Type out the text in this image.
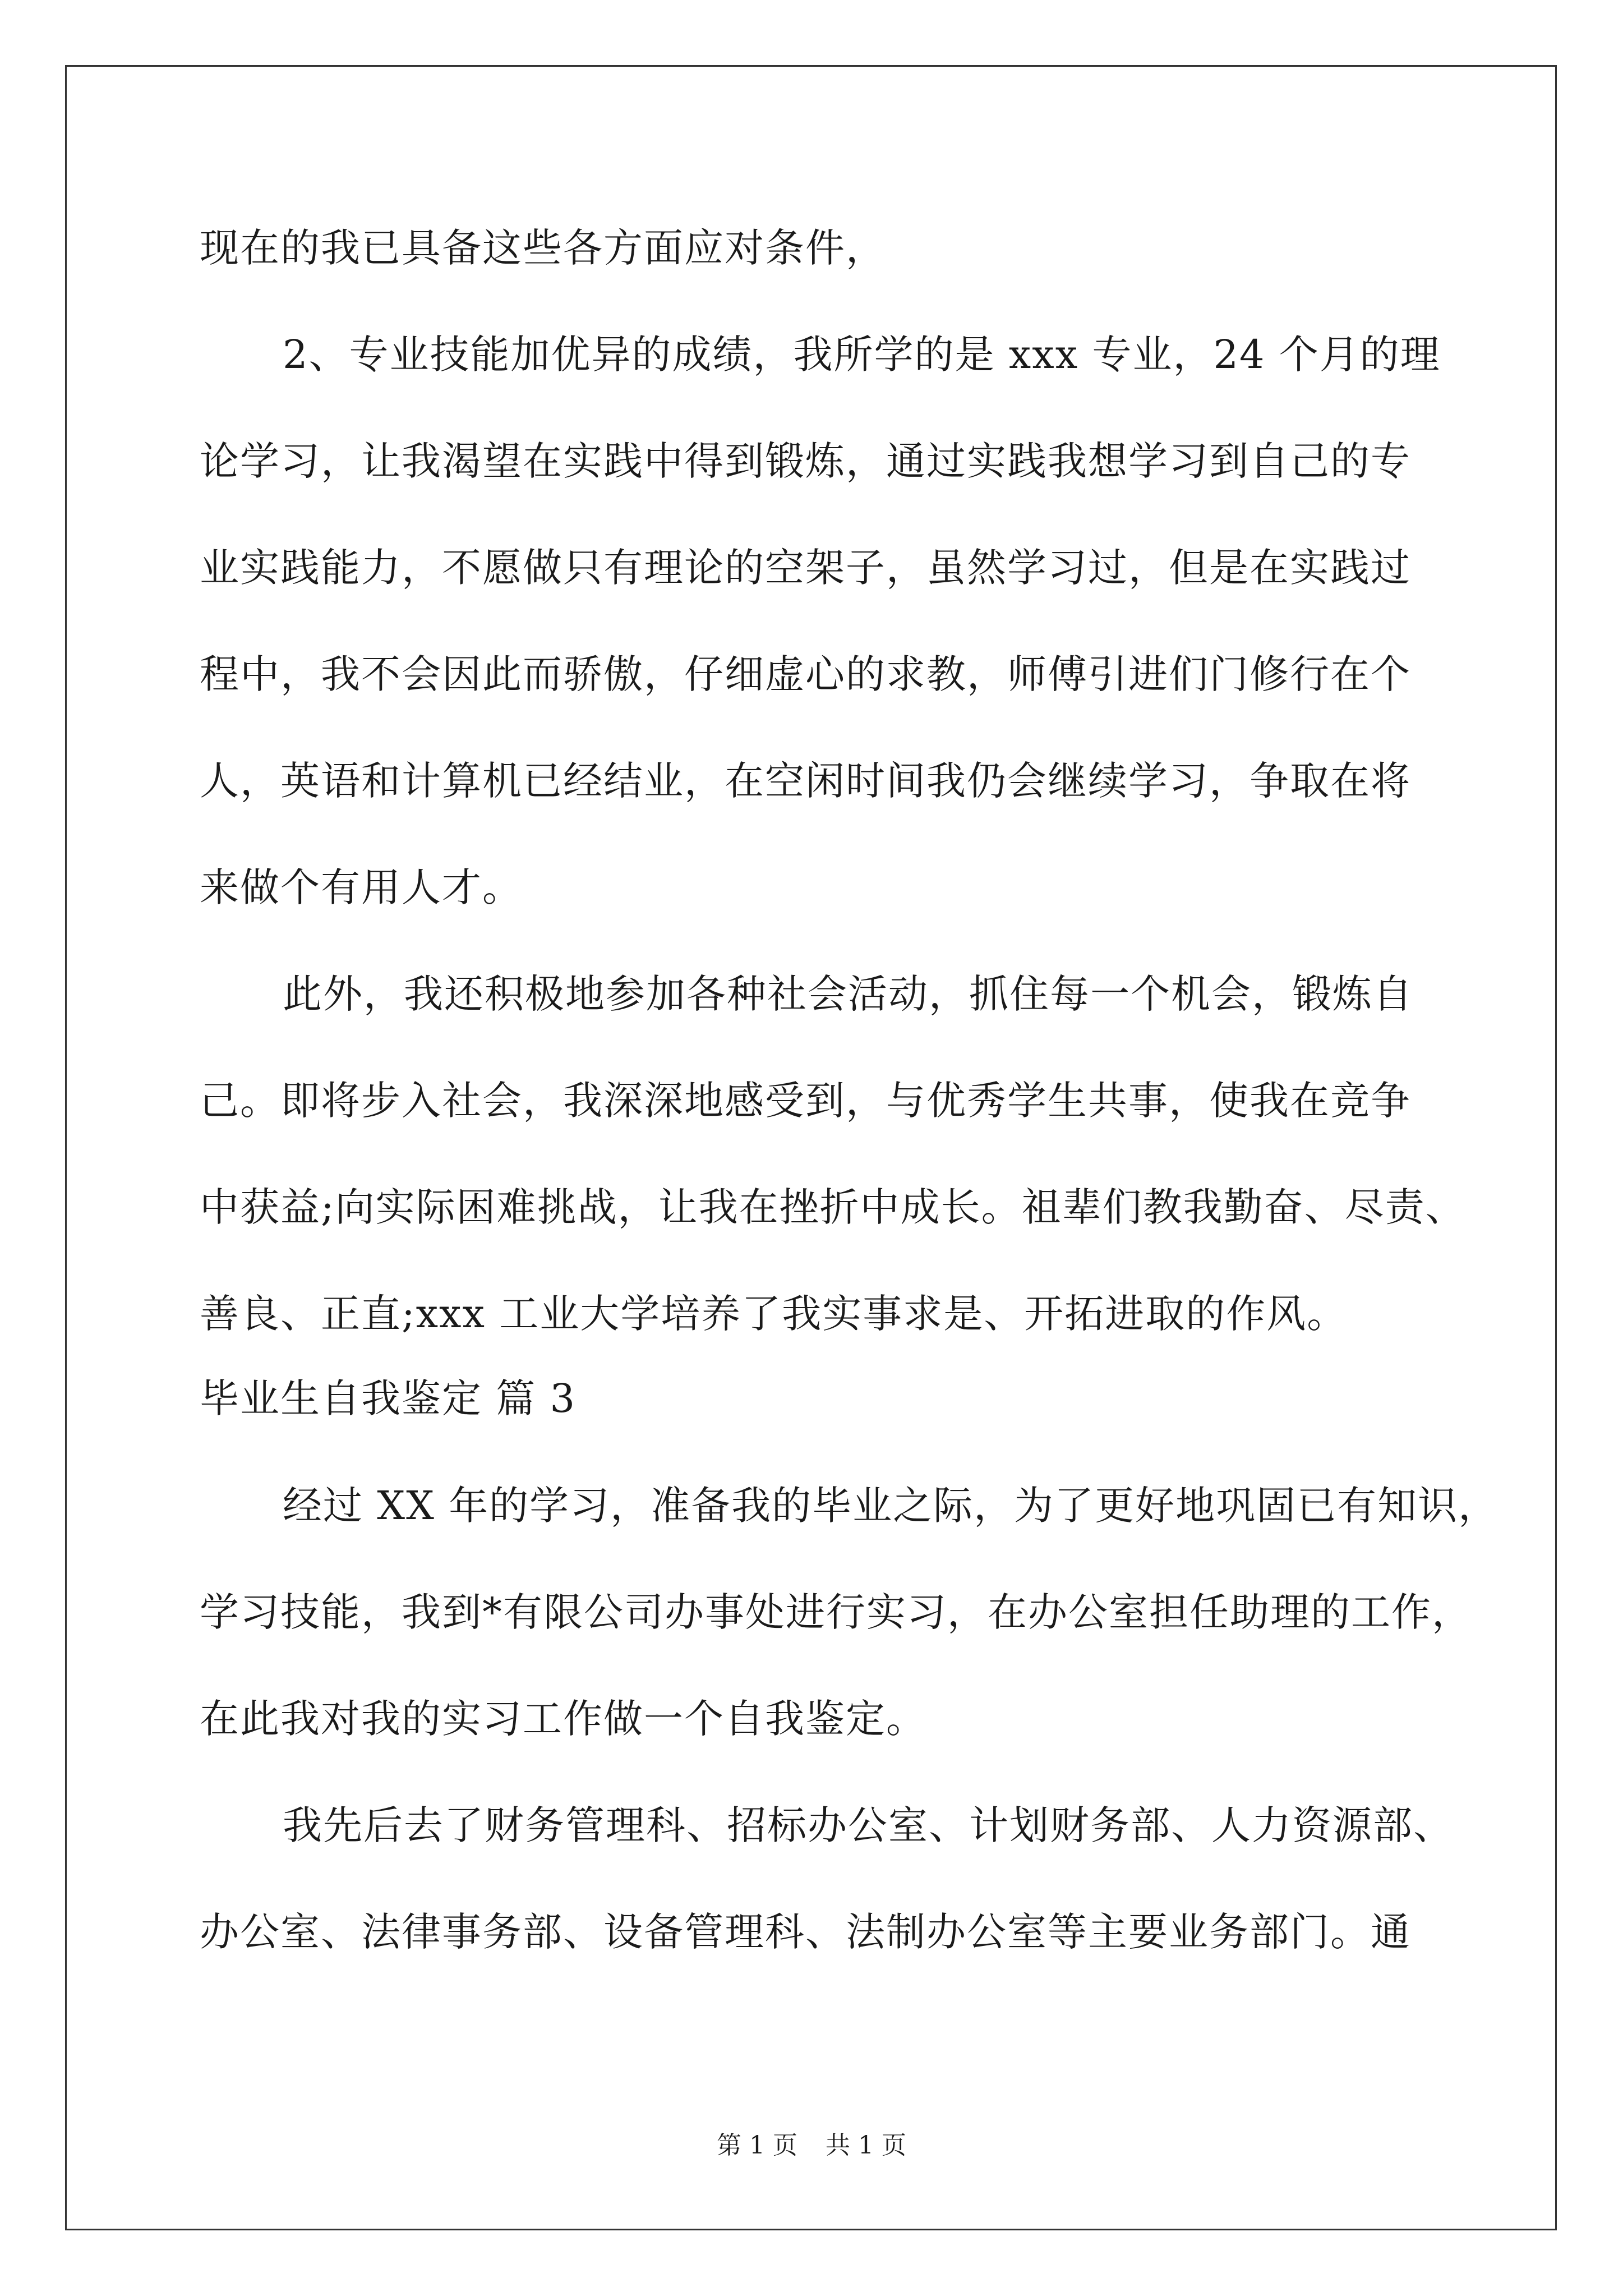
现在的我已具备这些各方面应对条件，
2、专业技能加优异的成绩，我所学的是 xxx 专业，24 个月的理
论学习，让我渴望在实践中得到锻炼，通过实践我想学习到自己的专
业实践能力，不愿做只有理论的空架子，虽然学习过，但是在实践过
程中，我不会因此而骄傲，仔细虚心的求教，师傅引进们门修行在个
人，英语和计算机已经结业，在空闲时间我仍会继续学习，争取在将
来做个有用人才。
此外，我还积极地参加各种社会活动，抓住每一个机会，锻炼自
己。即将步入社会，我深深地感受到，与优秀学生共事，使我在竞争
中获益;向实际困难挑战，让我在挫折中成长。祖辈们教我勤奋、尽责、
善良、正直;xxx 工业大学培养了我实事求是、开拓进取的作风。
毕业生自我鉴定 篇 3
经过 XX 年的学习，准备我的毕业之际，为了更好地巩固已有知识，
学习技能，我到*有限公司办事处进行实习，在办公室担任助理的工作，
在此我对我的实习工作做一个自我鉴定。
我先后去了财务管理科、招标办公室、计划财务部、人力资源部、
办公室、法律事务部、设备管理科、法制办公室等主要业务部门。通
第 1 页 共 1 页
